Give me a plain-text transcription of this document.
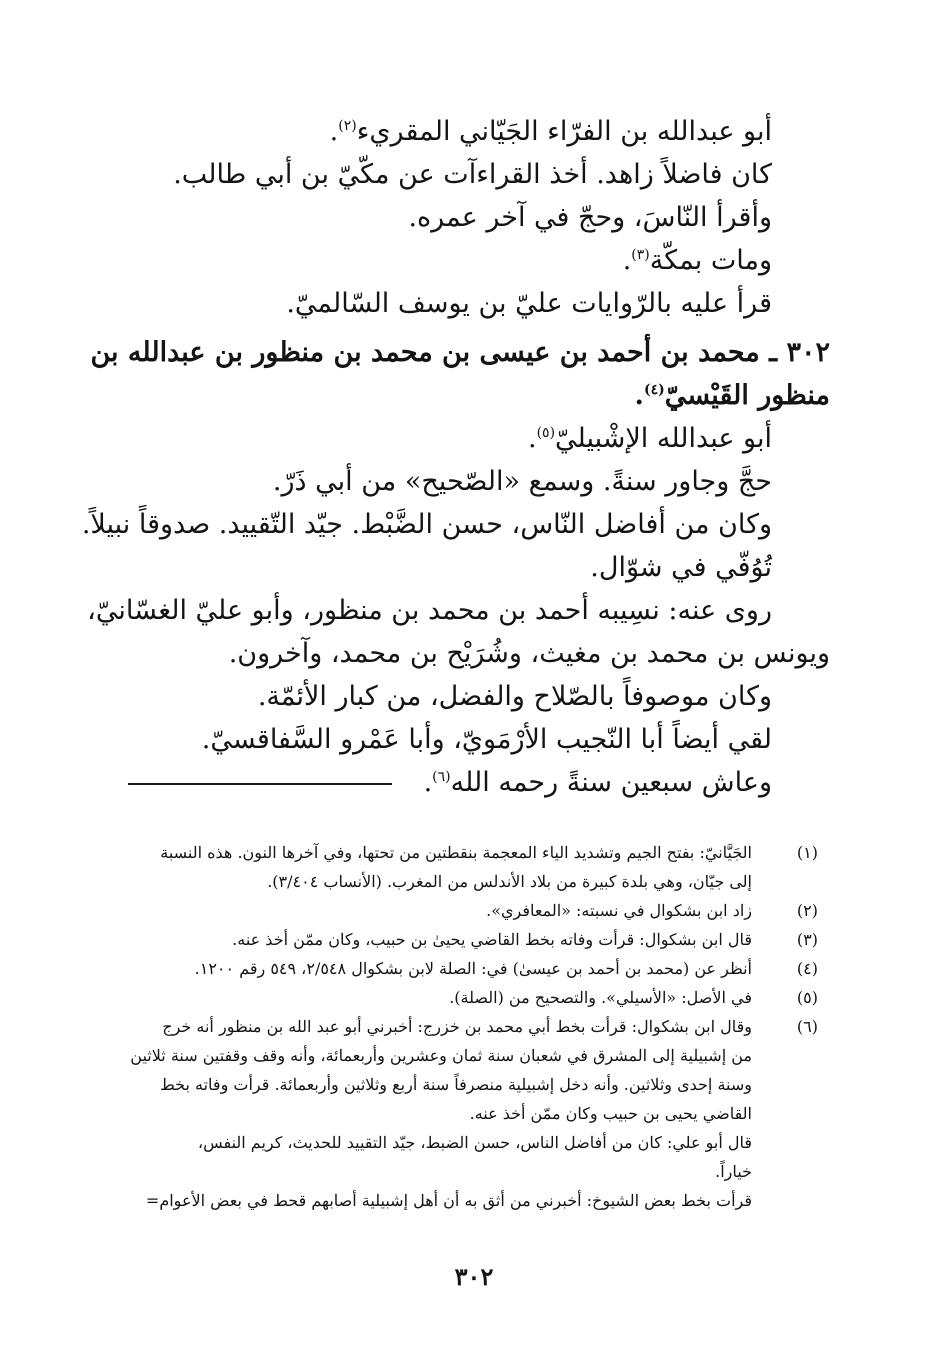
أبو عبدالله بن الفرّاء الجَيّاني المقريء$^{(٢)}$.
كان فاضلاً زاهد. أخذ القراءآت عن مكّيّ بن أبي طالب.
وأقرأ النّاسَ، وحجّ في آخر عمره.
ومات بمكّة$^{(٣)}$.
قرأ عليه بالرّوايات عليّ بن يوسف السّالميّ.
٣٠٢ ـ محمد بن أحمد بن عيسى بن محمد بن منظور بن عبدالله بن
منظور القَيْسيّ$^{(٤)}$.
أبو عبدالله الإشْبيليّ$^{(٥)}$.
حجَّ وجاور سنةً. وسمع «الصّحيح» من أبي ذَرّ.
وكان من أفاضل النّاس، حسن الضَّبْط. جيّد التّقييد. صدوقاً نبيلاً.
تُوُفّي في شوّال.
روى عنه: نسِيبه أحمد بن محمد بن منظور، وأبو عليّ الغسّانيّ،
ويونس بن محمد بن مغيث، وشُرَيْح بن محمد، وآخرون.
وكان موصوفاً بالصّلاح والفضل، من كبار الأئمّة.
لقي أيضاً أبا النّجيب الأرْمَويّ، وأبا عَمْرو السَّفاقسيّ.
وعاش سبعين سنةً رحمه الله$^{(٦)}$.
(١)
الجَيَّانيّ: بفتح الجيم وتشديد الياء المعجمة بنقطتين من تحتها، وفي آخرها النون. هذه النسبة
إلى جيّان، وهي بلدة كبيرة من بلاد الأندلس من المغرب. (الأنساب ٣/٤٠٤).
(٢)
زاد ابن بشكوال في نسبته: «المعافري».
(٣)
قال ابن بشكوال: قرأت وفاته بخط القاضي يحيىٰ بن حبيب، وكان ممّن أخذ عنه.
(٤)
أنظر عن (محمد بن أحمد بن عيسىٰ) في: الصلة لابن بشكوال ٢/٥٤٨، ٥٤٩ رقم ١٢٠٠.
(٥)
في الأصل: «الأسيلي». والتصحيح من (الصلة).
(٦)
وقال ابن بشكوال: قرأت بخط أبي محمد بن خزرج: أخبرني أبو عبد الله بن منظور أنه خرج
من إشبيلية إلى المشرق في شعبان سنة ثمان وعشرين وأربعمائة، وأنه وقف وقفتين سنة ثلاثين
وسنة إحدى وثلاثين. وأنه دخل إشبيلية منصرفاً سنة أربع وثلاثين وأربعمائة. قرأت وفاته بخط
القاضي يحيى بن حبيب وكان ممّن أخذ عنه.
قال أبو علي: كان من أفاضل الناس، حسن الضبط، جيّد التقييد للحديث، كريم النفس،
خياراً.
قرأت بخط بعض الشيوخ: أخبرني من أثق به أن أهل إشبيلية أصابهم قحط في بعض الأعوام=
٣٠٢
